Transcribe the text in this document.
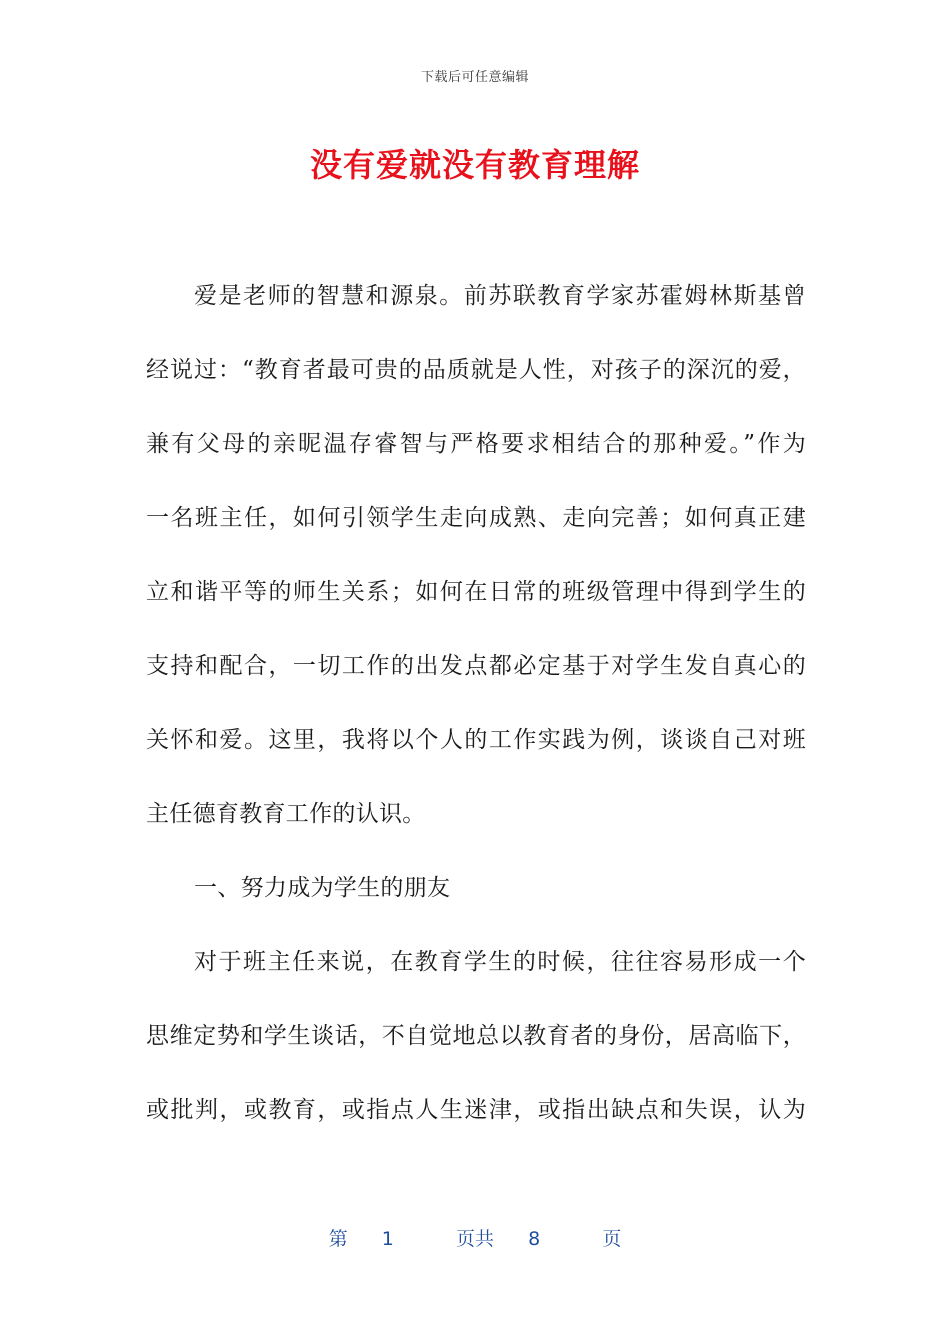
下载后可任意编辑
没有爱就没有教育理解
爱是老师的智慧和源泉。前苏联教育学家苏霍姆林斯基曾
经说过：“教育者最可贵的品质就是人性，对孩子的深沉的爱，
兼有父母的亲昵温存睿智与严格要求相结合的那种爱。”作为
一名班主任，如何引领学生走向成熟、走向完善；如何真正建
立和谐平等的师生关系；如何在日常的班级管理中得到学生的
支持和配合，一切工作的出发点都必定基于对学生发自真心的
关怀和爱。这里，我将以个人的工作实践为例，谈谈自己对班
主任德育教育工作的认识。
一、努力成为学生的朋友
对于班主任来说，在教育学生的时候，往往容易形成一个
思维定势和学生谈话，不自觉地总以教育者的身份，居高临下，
或批判，或教育，或指点人生迷津，或指出缺点和失误，认为
第 1	页共 8	页
